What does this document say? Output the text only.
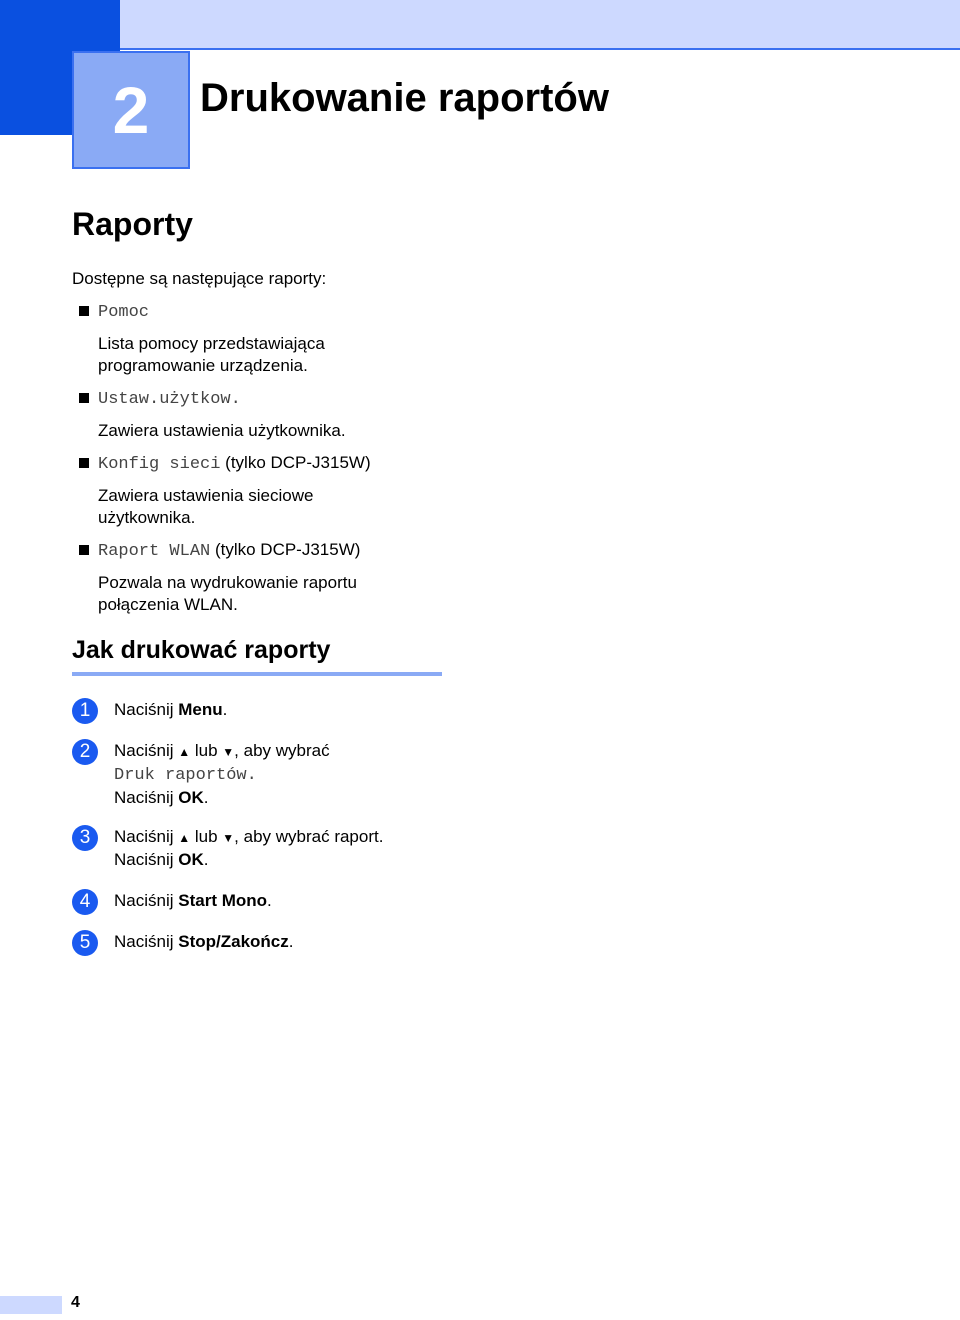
2 Drukowanie raportów
Raporty

Dostępne są następujące raporty:

Pomoc

Lista pomocy przedstawiająca programowanie urządzenia.

Ustaw.użytkow.

Zawiera ustawienia użytkownika.

Konfig sieci (tylko DCP-J315W)

Zawiera ustawienia sieciowe użytkownika.

Raport WLAN (tylko DCP-J315W)

Pozwala na wydrukowanie raportu połączenia WLAN.

Jak drukować raporty
1	Naciśnij Menu.

2	Naciśnij ▲ lub ▼, aby wybrać
Druk raportów.
Naciśnij OK.

3	Naciśnij ▲ lub ▼, aby wybrać raport.
Naciśnij OK.

4	Naciśnij Start Mono.

5	Naciśnij Stop/Zakończ.

4
